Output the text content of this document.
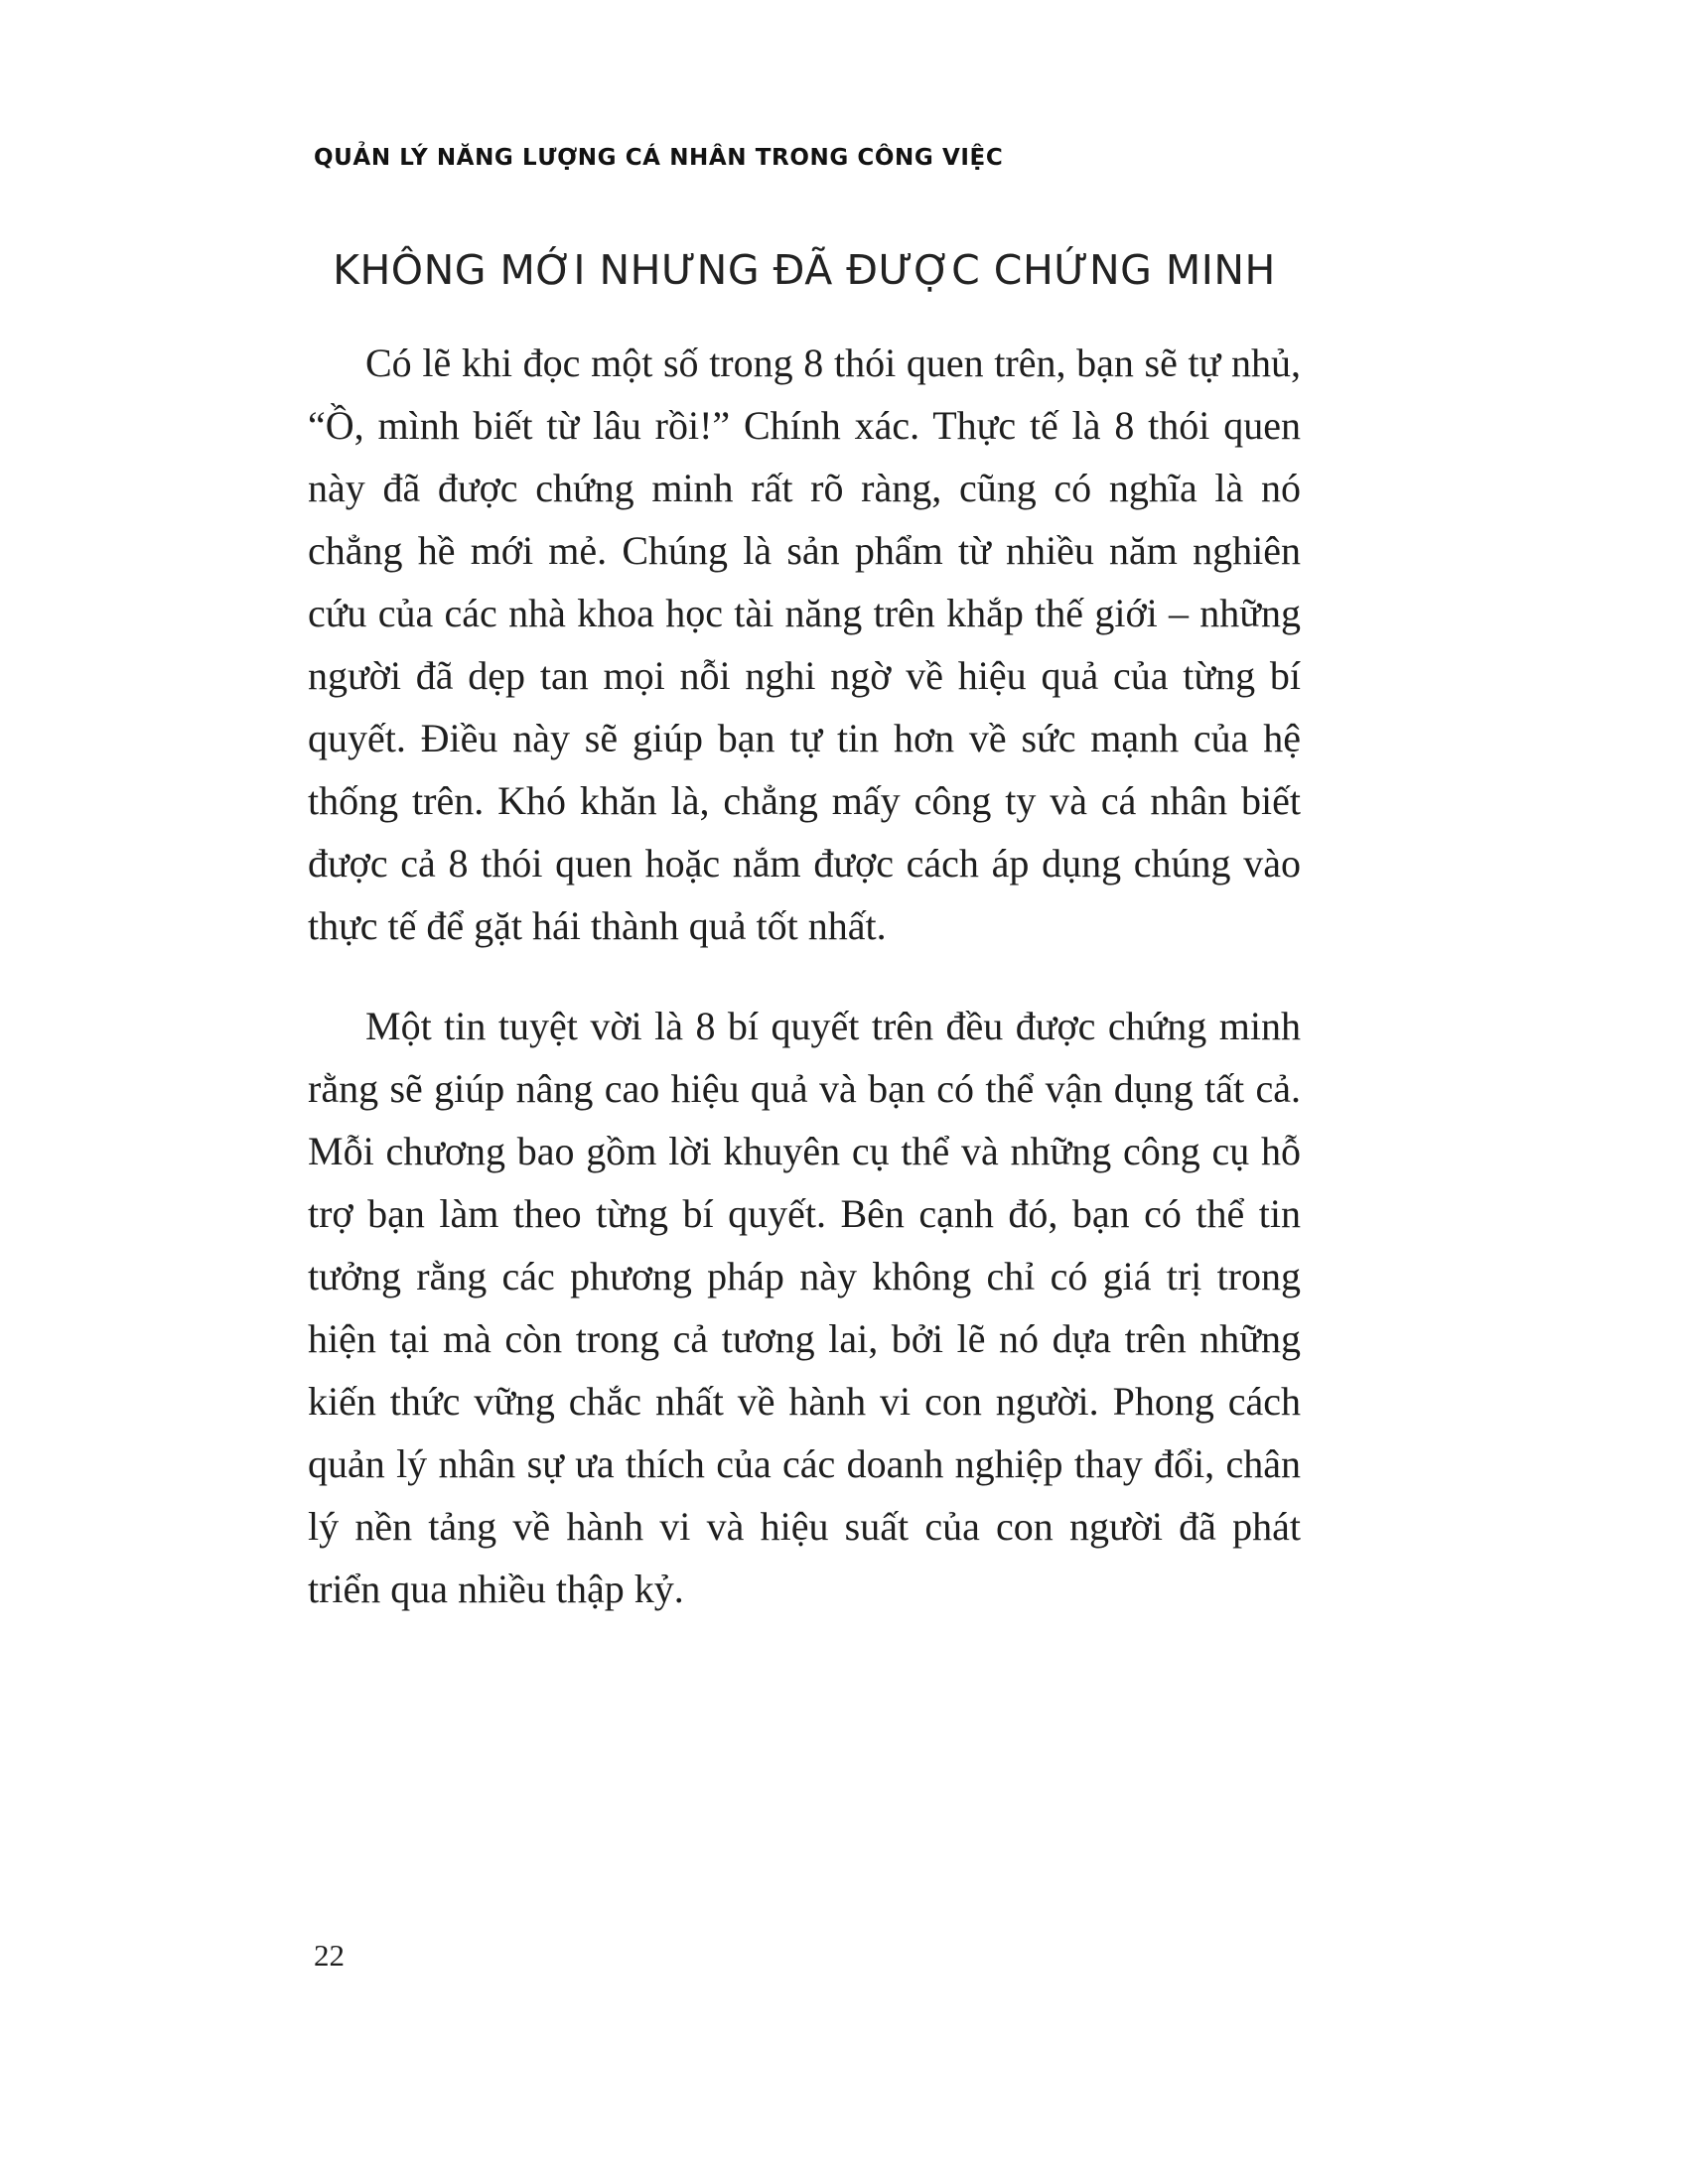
QUẢN LÝ NĂNG LƯỢNG CÁ NHÂN TRONG CÔNG VIỆC
KHÔNG MỚI NHƯNG ĐÃ ĐƯỢC CHỨNG MINH

Có lẽ khi đọc một số trong 8 thói quen trên, bạn sẽ tự nhủ, “Ồ, mình biết từ lâu rồi!” Chính xác. Thực tế là 8 thói quen này đã được chứng minh rất rõ ràng, cũng có nghĩa là nó chẳng hề mới mẻ. Chúng là sản phẩm từ nhiều năm nghiên cứu của các nhà khoa học tài năng trên khắp thế giới – những người đã dẹp tan mọi nỗi nghi ngờ về hiệu quả của từng bí quyết. Điều này sẽ giúp bạn tự tin hơn về sức mạnh của hệ thống trên. Khó khăn là, chẳng mấy công ty và cá nhân biết được cả 8 thói quen hoặc nắm được cách áp dụng chúng vào thực tế để gặt hái thành quả tốt nhất.

Một tin tuyệt vời là 8 bí quyết trên đều được chứng minh rằng sẽ giúp nâng cao hiệu quả và bạn có thể vận dụng tất cả. Mỗi chương bao gồm lời khuyên cụ thể và những công cụ hỗ trợ bạn làm theo từng bí quyết. Bên cạnh đó, bạn có thể tin tưởng rằng các phương pháp này không chỉ có giá trị trong hiện tại mà còn trong cả tương lai, bởi lẽ nó dựa trên những kiến thức vững chắc nhất về hành vi con người. Phong cách quản lý nhân sự ưa thích của các doanh nghiệp thay đổi, chân lý nền tảng về hành vi và hiệu suất của con người đã phát triển qua nhiều thập kỷ.

22
